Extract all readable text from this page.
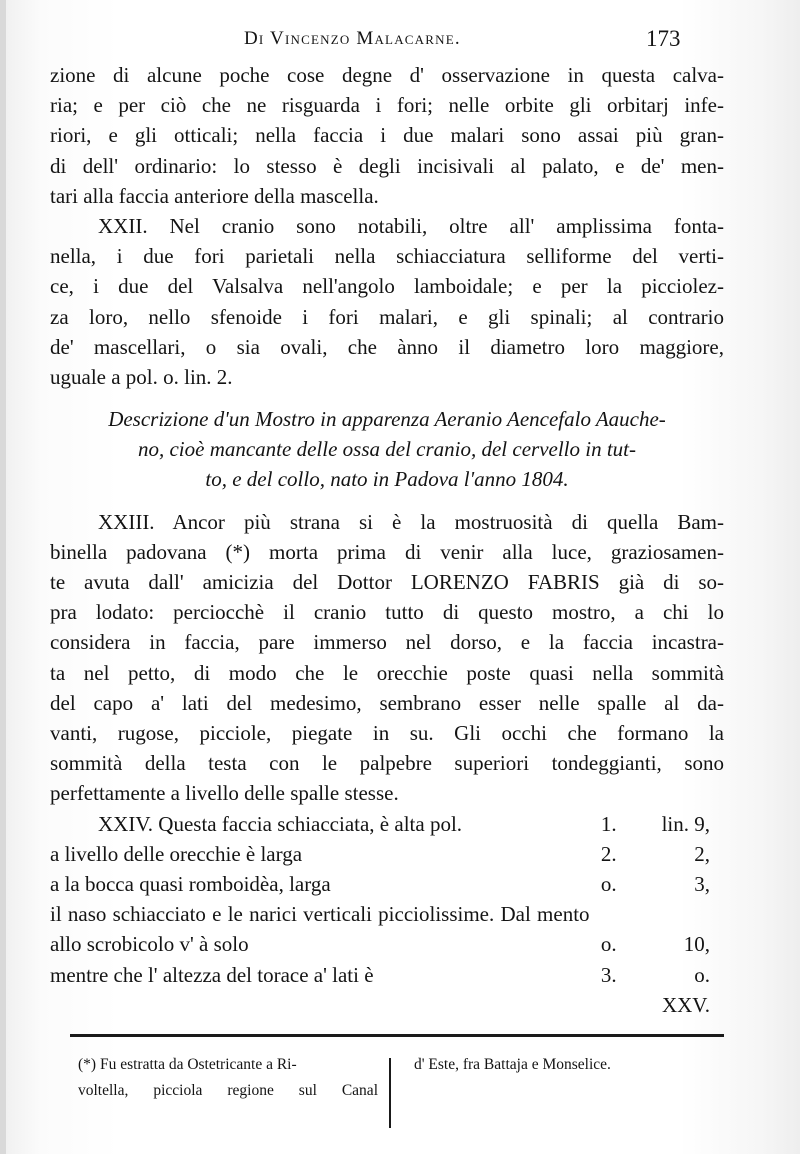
Di Vincenzo Malacarne.	173
zione di alcune poche cose degne d' osservazione in questa calva-
ria; e per ciò che ne risguarda i fori; nelle orbite gli orbitarj infe-
riori, e gli otticali; nella faccia i due malari sono assai più gran-
di dell' ordinario: lo stesso è degli incisivali al palato, e de' men-
tari alla faccia anteriore della mascella.
XXII. Nel cranio sono notabili, oltre all' amplissima fonta-
nella, i due fori parietali nella schiacciatura selliforme del verti-
ce, i due del Valsalva nell'angolo lamboidale; e per la picciolez-
za loro, nello sfenoide i fori malari, e gli spinali; al contrario
de' mascellari, o sia ovali, che ànno il diametro loro maggiore,
uguale a pol. o. lin. 2.
Descrizione d'un Mostro in apparenza Aeranio Aencefalo Aauche-
no, cioè mancante delle ossa del cranio, del cervello in tut-
to, e del collo, nato in Padova l'anno 1804.
XXIII. Ancor più strana si è la mostruosità di quella Bam-
binella padovana (*) morta prima di venir alla luce, graziosamen-
te avuta dall' amicizia del Dottor LORENZO FABRIS già di so-
pra lodato: perciocchè il cranio tutto di questo mostro, a chi lo
considera in faccia, pare immerso nel dorso, e la faccia incastra-
ta nel petto, di modo che le orecchie poste quasi nella sommità
del capo a' lati del medesimo, sembrano esser nelle spalle al da-
vanti, rugose, picciole, piegate in su. Gli occhi che formano la
sommità della testa con le palpebre superiori tondeggianti, sono
perfettamente a livello delle spalle stesse.
XXIV. Questa faccia schiacciata, è alta pol.	1.	lin. 9,
a livello delle orecchie è larga	2.	2,
a la bocca quasi romboidèa, larga	o.	3,

il naso schiacciato e le narici verticali picciolissime. Dal mento

allo scrobicolo v' à solo	o.	10,
mentre che l' altezza del torace a' lati è	3.	o.
XXV.		
(*) Fu estratta da Ostetricante a Ri-
voltella, picciola regione sul Canal
d' Este, fra Battaja e Monselice.
